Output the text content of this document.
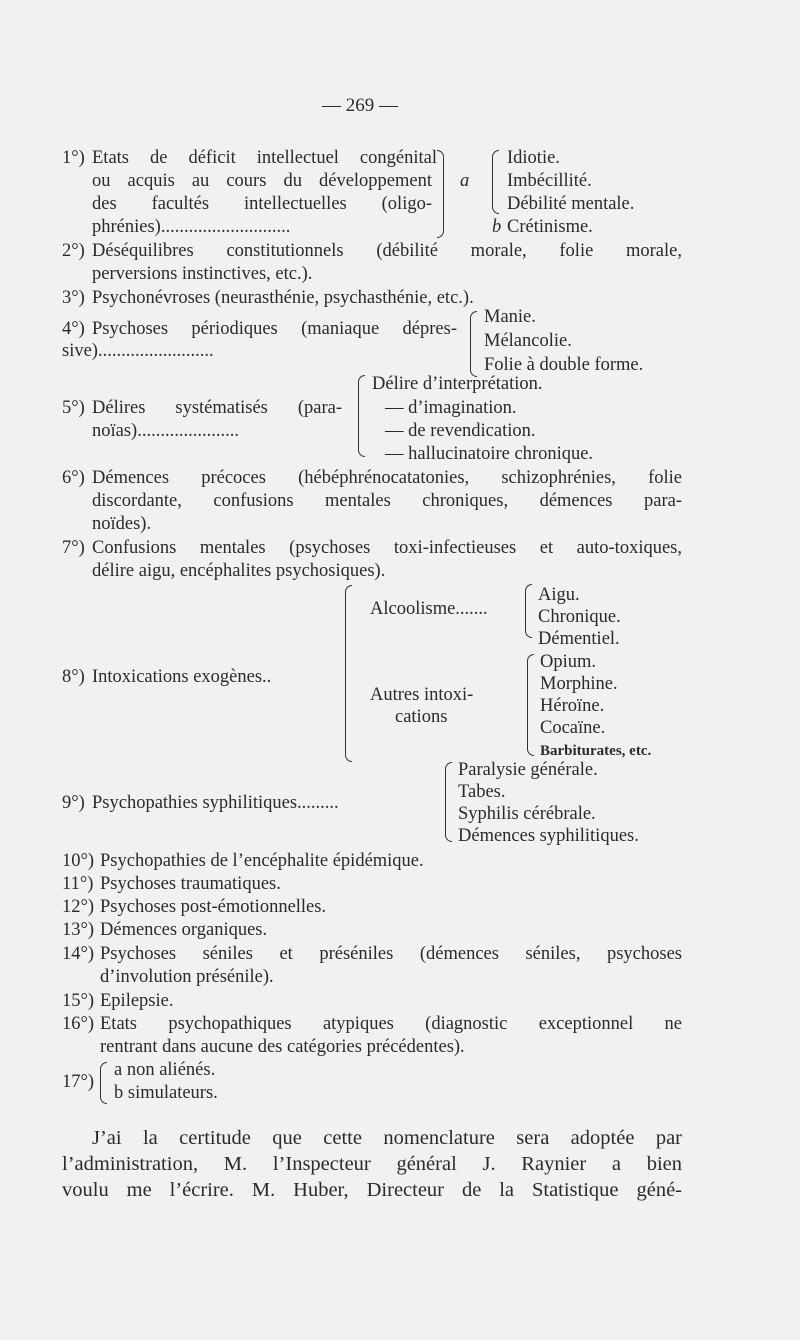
— 269 —
1°) Etats de déficit intellectuel congénital
ou acquis au cours du développement
des facultés intellectuelles (oligo-
phrénies)............................
a
Idiotie.
Imbécillité.
Débilité mentale.
b Crétinisme.
2°) Déséquilibres constitutionnels (débilité morale, folie morale,
perversions instinctives, etc.).
3°) Psychonévroses (neurasthénie, psychasthénie, etc.).
4°) Psychoses périodiques (maniaque dépres-
sive).........................
Manie.
Mélancolie.
Folie à double forme.
Délire d’interprétation.
5°) Délires systématisés (para-
noïas)......................
— d’imagination.
— de revendication.
— hallucinatoire chronique.
6°) Démences précoces (hébéphrénocatatonies, schizophrénies, folie
discordante, confusions mentales chroniques, démences para-
noïdes).
7°) Confusions mentales (psychoses toxi-infectieuses et auto-toxiques,
délire aigu, encéphalites psychosiques).
Alcoolisme.......
Aigu.
Chronique.
Démentiel.
8°) Intoxications exogènes..
Autres intoxi-
cations
Opium.
Morphine.
Héroïne.
Cocaïne.
Barbiturates, etc.
Paralysie générale.
Tabes.
9°) Psychopathies syphilitiques.........
Syphilis cérébrale.
Démences syphilitiques.
10°) Psychopathies de l’encéphalite épidémique.
11°) Psychoses traumatiques.
12°) Psychoses post-émotionnelles.
13°) Démences organiques.
14°) Psychoses séniles et préséniles (démences séniles, psychoses
d’involution présénile).
15°) Epilepsie.
16°) Etats psychopathiques atypiques (diagnostic exceptionnel ne
rentrant dans aucune des catégories précédentes).
17°)
a non aliénés.
b simulateurs.
J’ai la certitude que cette nomenclature sera adoptée par
l’administration, M. l’Inspecteur général J. Raynier a bien
voulu me l’écrire. M. Huber, Directeur de la Statistique géné-
